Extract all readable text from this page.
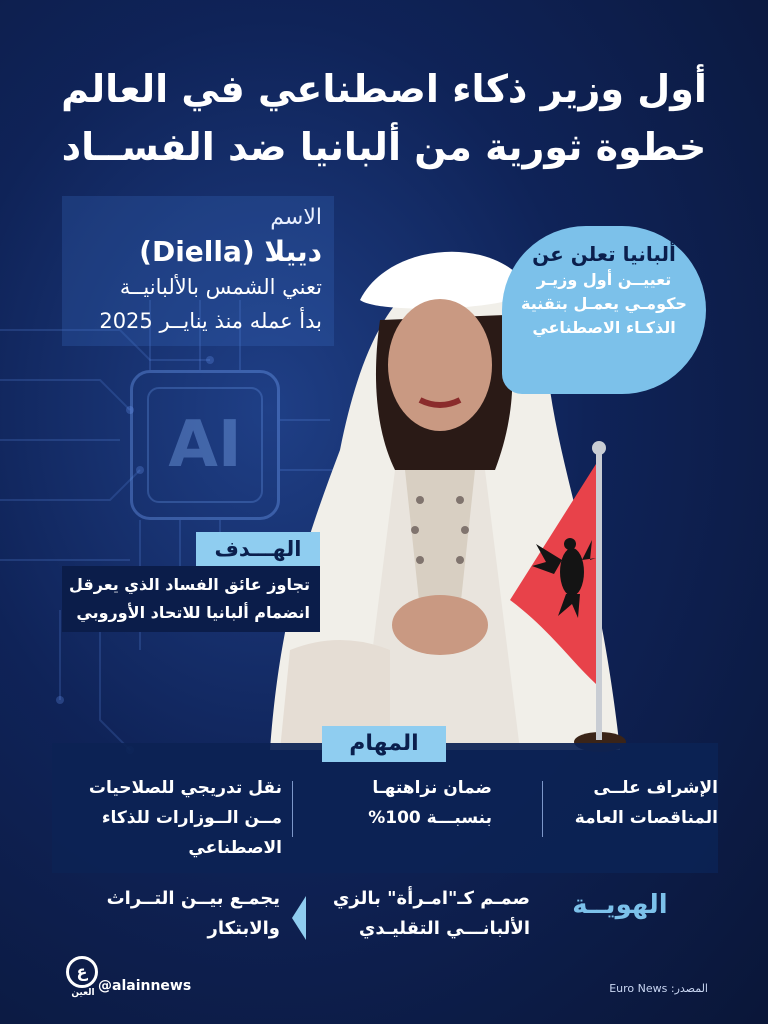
أول وزير ذكاء اصطناعي في العالم
خطوة ثورية من ألبانيا ضد الفســاد
AI
الاسم
دييلا (Diella)
تعني الشمس بالألبانيــة
بدأ عمله منذ ينايــر 2025
ألبانيا تعلن عن
تعييــن أول وزيـر حكومـي يعمـل بتقنية الذكـاء الاصطناعي
الهـــدف
تجاوز عائق الفساد الذي يعرقل انضمام ألبانيا للاتحاد الأوروبي
المهام
الإشراف علــى المناقصات العامة
ضمان نزاهتهـا بنسبـــة 100%
نقل تدريجي للصلاحيات مــن الــوزارات للذكاء الاصطناعي
الهويــة
صمـم كـ"امـرأة" بالزي الألبانـــي التقليـدي
يجمـع بيــن التــراث والابتكار
ع
العين @alainnews	المصدر: Euro News
